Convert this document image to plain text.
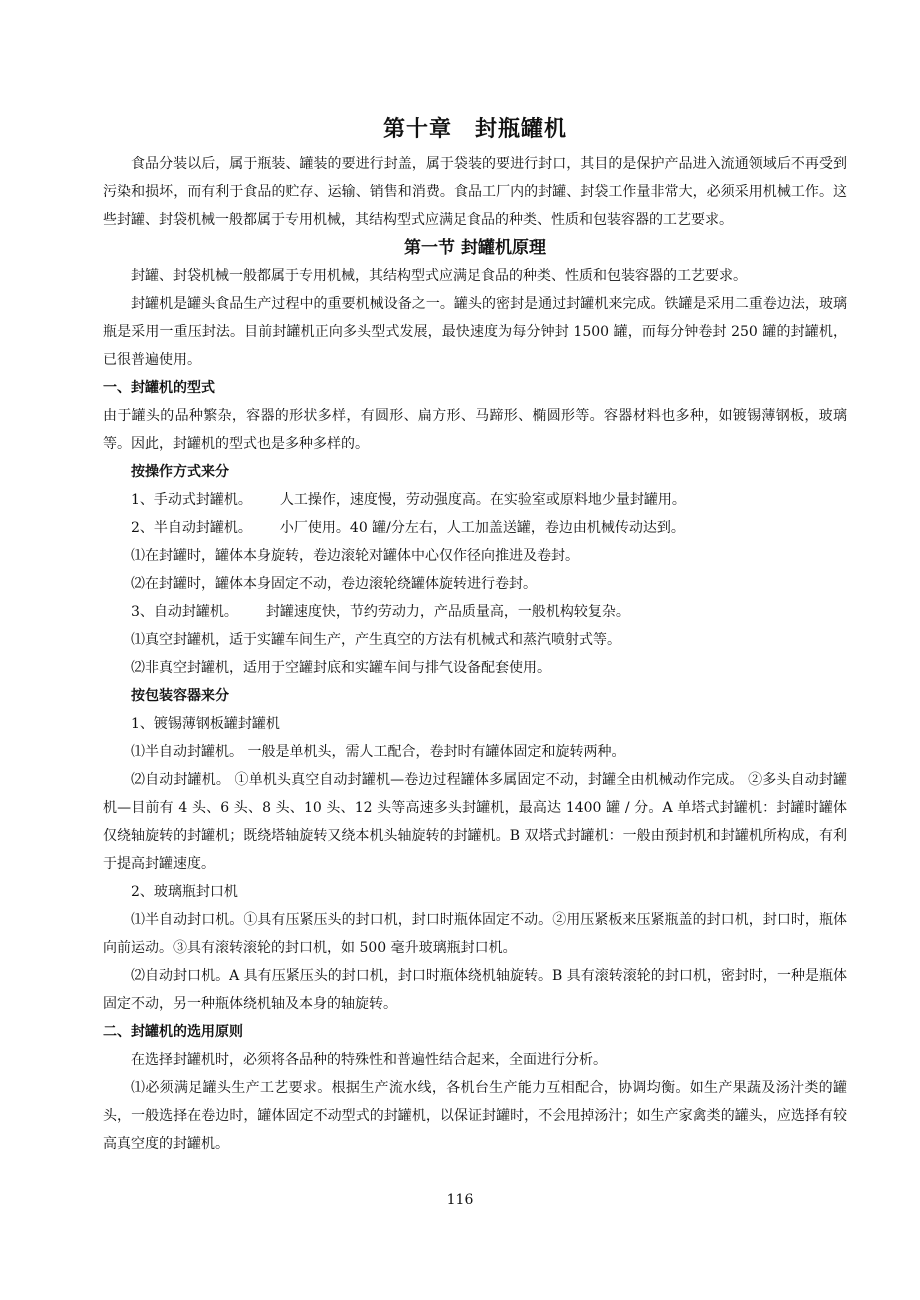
第十章　封瓶罐机

食品分装以后，属于瓶装、罐装的要进行封盖，属于袋装的要进行封口，其目的是保护产品进入流通领域后不再受到污染和损坏，而有利于食品的贮存、运输、销售和消费。食品工厂内的封罐、封袋工作量非常大，必须采用机械工作。这些封罐、封袋机械一般都属于专用机械，其结构型式应满足食品的种类、性质和包装容器的工艺要求。

第一节 封罐机原理

封罐、封袋机械一般都属于专用机械，其结构型式应满足食品的种类、性质和包装容器的工艺要求。

封罐机是罐头食品生产过程中的重要机械设备之一。罐头的密封是通过封罐机来完成。铁罐是采用二重卷边法，玻璃瓶是采用一重压封法。目前封罐机正向多头型式发展，最快速度为每分钟封 1500 罐，而每分钟卷封 250 罐的封罐机，已很普遍使用。

一、封罐机的型式

由于罐头的品种繁杂，容器的形状多样，有圆形、扁方形、马蹄形、椭圆形等。容器材料也多种，如镀锡薄钢板，玻璃等。因此，封罐机的型式也是多种多样的。

按操作方式来分

1、手动式封罐机。 人工操作，速度慢，劳动强度高。在实验室或原料地少量封罐用。

2、半自动封罐机。 小厂使用。40 罐/分左右，人工加盖送罐，卷边由机械传动达到。

⑴在封罐时，罐体本身旋转，卷边滚轮对罐体中心仅作径向推进及卷封。

⑵在封罐时，罐体本身固定不动，卷边滚轮绕罐体旋转进行卷封。

3、自动封罐机。 封罐速度快，节约劳动力，产品质量高，一般机构较复杂。

⑴真空封罐机，适于实罐车间生产，产生真空的方法有机械式和蒸汽喷射式等。

⑵非真空封罐机，适用于空罐封底和实罐车间与排气设备配套使用。

按包装容器来分

1、镀锡薄钢板罐封罐机

⑴半自动封罐机。 一般是单机头，需人工配合，卷封时有罐体固定和旋转两种。

⑵自动封罐机。 ①单机头真空自动封罐机—卷边过程罐体多属固定不动，封罐全由机械动作完成。 ②多头自动封罐机—目前有 4 头、6 头、8 头、10 头、12 头等高速多头封罐机，最高达 1400 罐 / 分。A 单塔式封罐机：封罐时罐体仅绕轴旋转的封罐机；既绕塔轴旋转又绕本机头轴旋转的封罐机。B 双塔式封罐机：一般由预封机和封罐机所构成，有利于提高封罐速度。

2、玻璃瓶封口机

⑴半自动封口机。①具有压紧压头的封口机，封口时瓶体固定不动。②用压紧板来压紧瓶盖的封口机，封口时，瓶体向前运动。③具有滚转滚轮的封口机，如 500 毫升玻璃瓶封口机。

⑵自动封口机。A 具有压紧压头的封口机，封口时瓶体绕机轴旋转。B 具有滚转滚轮的封口机，密封时，一种是瓶体固定不动，另一种瓶体绕机轴及本身的轴旋转。

二、封罐机的选用原则

在选择封罐机时，必须将各品种的特殊性和普遍性结合起来，全面进行分析。

⑴必须满足罐头生产工艺要求。根据生产流水线，各机台生产能力互相配合，协调均衡。如生产果蔬及汤汁类的罐头，一般选择在卷边时，罐体固定不动型式的封罐机，以保证封罐时，不会甩掉汤汁；如生产家禽类的罐头，应选择有较高真空度的封罐机。

116
